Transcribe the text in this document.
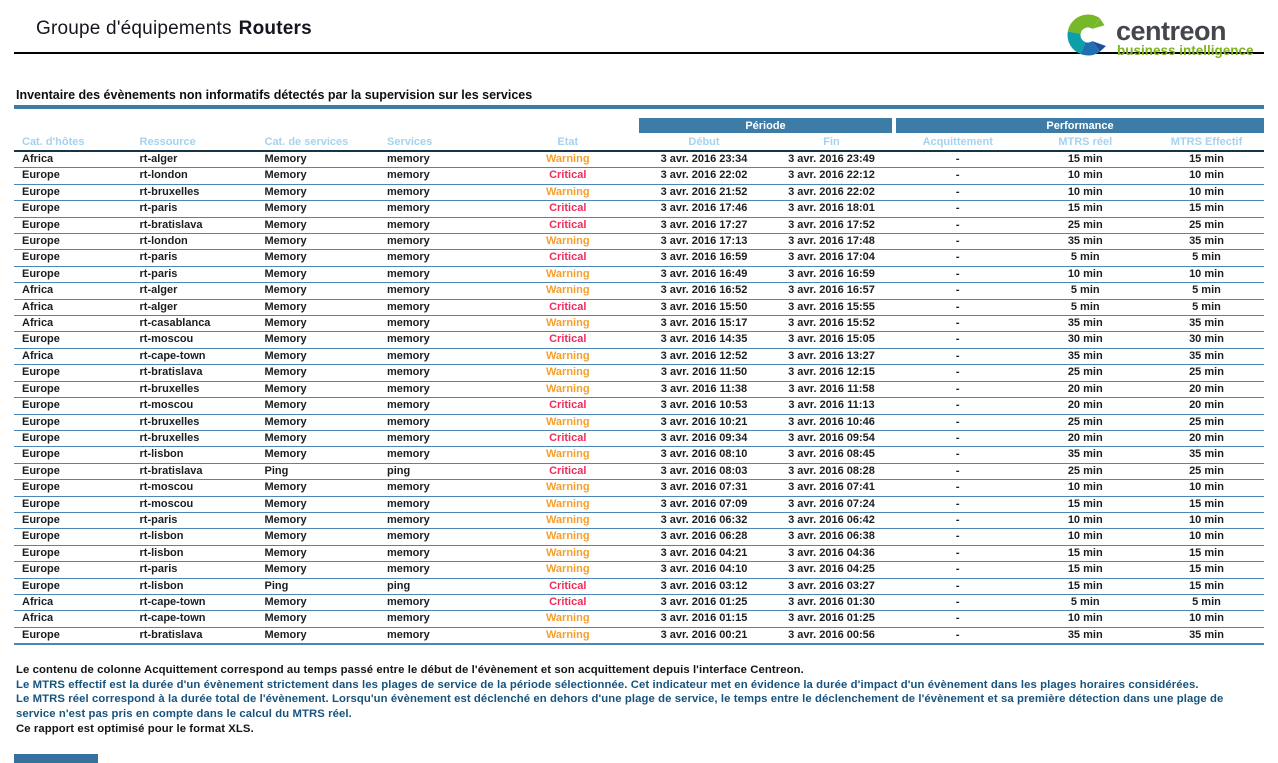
Groupe d'équipements Routers	centreon
business intelligence
Inventaire des évènements non informatifs détectés par la supervision sur les services
					Période		Performance		
Cat. d'hôtes	Ressource	Cat. de services	Services	Etat	Début	Fin	Acquittement	MTRS réel	MTRS Effectif
Africa	rt-alger	Memory	memory	Warning	3 avr. 2016 23:34	3 avr. 2016 23:49	-	15 min	15 min
Europe	rt-london	Memory	memory	Critical	3 avr. 2016 22:02	3 avr. 2016 22:12	-	10 min	10 min
Europe	rt-bruxelles	Memory	memory	Warning	3 avr. 2016 21:52	3 avr. 2016 22:02	-	10 min	10 min
Europe	rt-paris	Memory	memory	Critical	3 avr. 2016 17:46	3 avr. 2016 18:01	-	15 min	15 min
Europe	rt-bratislava	Memory	memory	Critical	3 avr. 2016 17:27	3 avr. 2016 17:52	-	25 min	25 min
Europe	rt-london	Memory	memory	Warning	3 avr. 2016 17:13	3 avr. 2016 17:48	-	35 min	35 min
Europe	rt-paris	Memory	memory	Critical	3 avr. 2016 16:59	3 avr. 2016 17:04	-	5 min	5 min
Europe	rt-paris	Memory	memory	Warning	3 avr. 2016 16:49	3 avr. 2016 16:59	-	10 min	10 min
Africa	rt-alger	Memory	memory	Warning	3 avr. 2016 16:52	3 avr. 2016 16:57	-	5 min	5 min
Africa	rt-alger	Memory	memory	Critical	3 avr. 2016 15:50	3 avr. 2016 15:55	-	5 min	5 min
Africa	rt-casablanca	Memory	memory	Warning	3 avr. 2016 15:17	3 avr. 2016 15:52	-	35 min	35 min
Europe	rt-moscou	Memory	memory	Critical	3 avr. 2016 14:35	3 avr. 2016 15:05	-	30 min	30 min
Africa	rt-cape-town	Memory	memory	Warning	3 avr. 2016 12:52	3 avr. 2016 13:27	-	35 min	35 min
Europe	rt-bratislava	Memory	memory	Warning	3 avr. 2016 11:50	3 avr. 2016 12:15	-	25 min	25 min
Europe	rt-bruxelles	Memory	memory	Warning	3 avr. 2016 11:38	3 avr. 2016 11:58	-	20 min	20 min
Europe	rt-moscou	Memory	memory	Critical	3 avr. 2016 10:53	3 avr. 2016 11:13	-	20 min	20 min
Europe	rt-bruxelles	Memory	memory	Warning	3 avr. 2016 10:21	3 avr. 2016 10:46	-	25 min	25 min
Europe	rt-bruxelles	Memory	memory	Critical	3 avr. 2016 09:34	3 avr. 2016 09:54	-	20 min	20 min
Europe	rt-lisbon	Memory	memory	Warning	3 avr. 2016 08:10	3 avr. 2016 08:45	-	35 min	35 min
Europe	rt-bratislava	Ping	ping	Critical	3 avr. 2016 08:03	3 avr. 2016 08:28	-	25 min	25 min
Europe	rt-moscou	Memory	memory	Warning	3 avr. 2016 07:31	3 avr. 2016 07:41	-	10 min	10 min
Europe	rt-moscou	Memory	memory	Warning	3 avr. 2016 07:09	3 avr. 2016 07:24	-	15 min	15 min
Europe	rt-paris	Memory	memory	Warning	3 avr. 2016 06:32	3 avr. 2016 06:42	-	10 min	10 min
Europe	rt-lisbon	Memory	memory	Warning	3 avr. 2016 06:28	3 avr. 2016 06:38	-	10 min	10 min
Europe	rt-lisbon	Memory	memory	Warning	3 avr. 2016 04:21	3 avr. 2016 04:36	-	15 min	15 min
Europe	rt-paris	Memory	memory	Warning	3 avr. 2016 04:10	3 avr. 2016 04:25	-	15 min	15 min
Europe	rt-lisbon	Ping	ping	Critical	3 avr. 2016 03:12	3 avr. 2016 03:27	-	15 min	15 min
Africa	rt-cape-town	Memory	memory	Critical	3 avr. 2016 01:25	3 avr. 2016 01:30	-	5 min	5 min
Africa	rt-cape-town	Memory	memory	Warning	3 avr. 2016 01:15	3 avr. 2016 01:25	-	10 min	10 min
Europe	rt-bratislava	Memory	memory	Warning	3 avr. 2016 00:21	3 avr. 2016 00:56	-	35 min	35 min
Le contenu de colonne Acquittement correspond au temps passé entre le début de l'évènement et son acquittement depuis l'interface Centreon.
Le MTRS effectif est la durée d'un évènement strictement dans les plages de service de la période sélectionnée. Cet indicateur met en évidence la durée d'impact d'un évènement dans les plages horaires considérées.
Le MTRS réel correspond à la durée total de l'évènement. Lorsqu'un évènement est déclenché en dehors d'une plage de service, le temps entre le déclenchement de l'évènement et sa première détection dans une plage de
service n'est pas pris en compte dans le calcul du MTRS réel.
Ce rapport est optimisé pour le format XLS.
